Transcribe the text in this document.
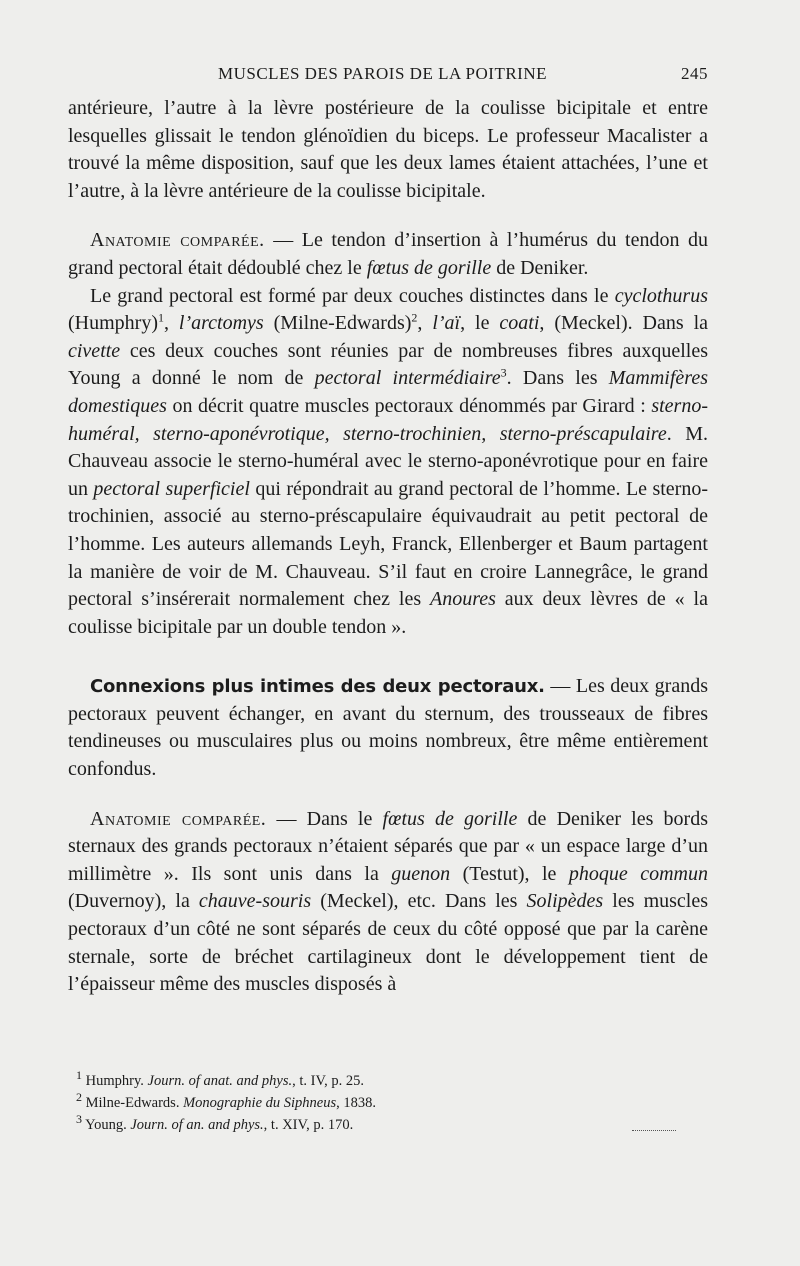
MUSCLES DES PAROIS DE LA POITRINE	245

antérieure, l’autre à la lèvre postérieure de la coulisse bicipitale et entre lesquelles glissait le tendon glénoïdien du biceps. Le professeur Macalister a trouvé la même disposition, sauf que les deux lames étaient attachées, l’une et l’autre, à la lèvre antérieure de la coulisse bicipitale.

Anatomie comparée. — Le tendon d’insertion à l’humérus du tendon du grand pectoral était dédoublé chez le fœtus de gorille de Deniker.

Le grand pectoral est formé par deux couches distinctes dans le cyclothurus (Humphry)$^1$, l’arctomys (Milne-Edwards)$^2$, l’aï, le coati, (Meckel). Dans la civette ces deux couches sont réunies par de nombreuses fibres auxquelles Young a donné le nom de pectoral intermédiaire$^3$. Dans les Mammifères domestiques on décrit quatre muscles pectoraux dénommés par Girard : sterno-huméral, sterno-aponévrotique, sterno-trochinien, sterno-préscapulaire. M. Chauveau associe le sterno-huméral avec le sterno-aponévrotique pour en faire un pectoral superficiel qui répondrait au grand pectoral de l’homme. Le sterno-trochinien, associé au sterno-préscapulaire équivaudrait au petit pectoral de l’homme. Les auteurs allemands Leyh, Franck, Ellenberger et Baum partagent la manière de voir de M. Chauveau. S’il faut en croire Lannegrâce, le grand pectoral s’insérerait normalement chez les Anoures aux deux lèvres de « la coulisse bicipitale par un double tendon ».

Connexions plus intimes des deux pectoraux. — Les deux grands pectoraux peuvent échanger, en avant du sternum, des trousseaux de fibres tendineuses ou musculaires plus ou moins nombreux, être même entièrement confondus.

Anatomie comparée. — Dans le fœtus de gorille de Deniker les bords sternaux des grands pectoraux n’étaient séparés que par « un espace large d’un millimètre ». Ils sont unis dans la guenon (Testut), le phoque commun (Duvernoy), la chauve-souris (Meckel), etc. Dans les Solipèdes les muscles pectoraux d’un côté ne sont séparés de ceux du côté opposé que par la carène sternale, sorte de bréchet cartilagineux dont le développement tient de l’épaisseur même des muscles disposés à

$^1$ Humphry. Journ. of anat. and phys., t. IV, p. 25.

$^2$ Milne-Edwards. Monographie du Siphneus, 1838.

$^3$ Young. Journ. of an. and phys., t. XIV, p. 170.
